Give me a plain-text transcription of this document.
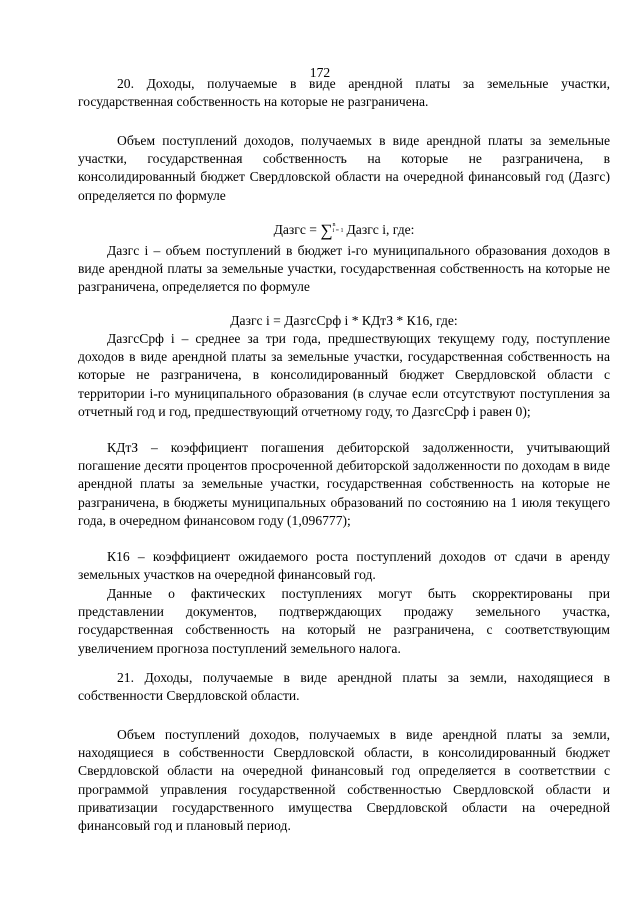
172

20. Доходы, получаемые в виде арендной платы за земельные участки, государственная собственность на которые не разграничена.

Объем поступлений доходов, получаемых в виде арендной платы за земельные участки, государственная собственность на которые не разграничена, в консолидированный бюджет Свердловской области на очередной финансовый год (Дазгс) определяется по формуле

Дазгс = ∑ n
i = 1 Дазгс i, где:

Дазгс i – объем поступлений в бюджет i-го муниципального образования доходов в виде арендной платы за земельные участки, государственная собственность на которые не разграничена, определяется по формуле

Дазгс i = ДазгсСрф i * КДтЗ * К16, где:

ДазгсСрф i – среднее за три года, предшествующих текущему году, поступление доходов в виде арендной платы за земельные участки, государственная собственность на которые не разграничена, в консолидированный бюджет Свердловской области с территории i-го муниципального образования (в случае если отсутствуют поступления за отчетный год и год, предшествующий отчетному году, то ДазгсСрф i равен 0);

КДтЗ – коэффициент погашения дебиторской задолженности, учитывающий погашение десяти процентов просроченной дебиторской задолженности по доходам в виде арендной платы за земельные участки, государственная собственность на которые не разграничена, в бюджеты муниципальных образований по состоянию на 1 июля текущего года, в очередном финансовом году (1,096777);

К16 – коэффициент ожидаемого роста поступлений доходов от сдачи в аренду земельных участков на очередной финансовый год.

Данные о фактических поступлениях могут быть скорректированы при представлении документов, подтверждающих продажу земельного участка, государственная собственность на который не разграничена, с соответствующим увеличением прогноза поступлений земельного налога.

21. Доходы, получаемые в виде арендной платы за земли, находящиеся в собственности Свердловской области.

Объем поступлений доходов, получаемых в виде арендной платы за земли, находящиеся в собственности Свердловской области, в консолидированный бюджет Свердловской области на очередной финансовый год определяется в соответствии с программой управления государственной собственностью Свердловской области и приватизации государственного имущества Свердловской области на очередной финансовый год и плановый период.
